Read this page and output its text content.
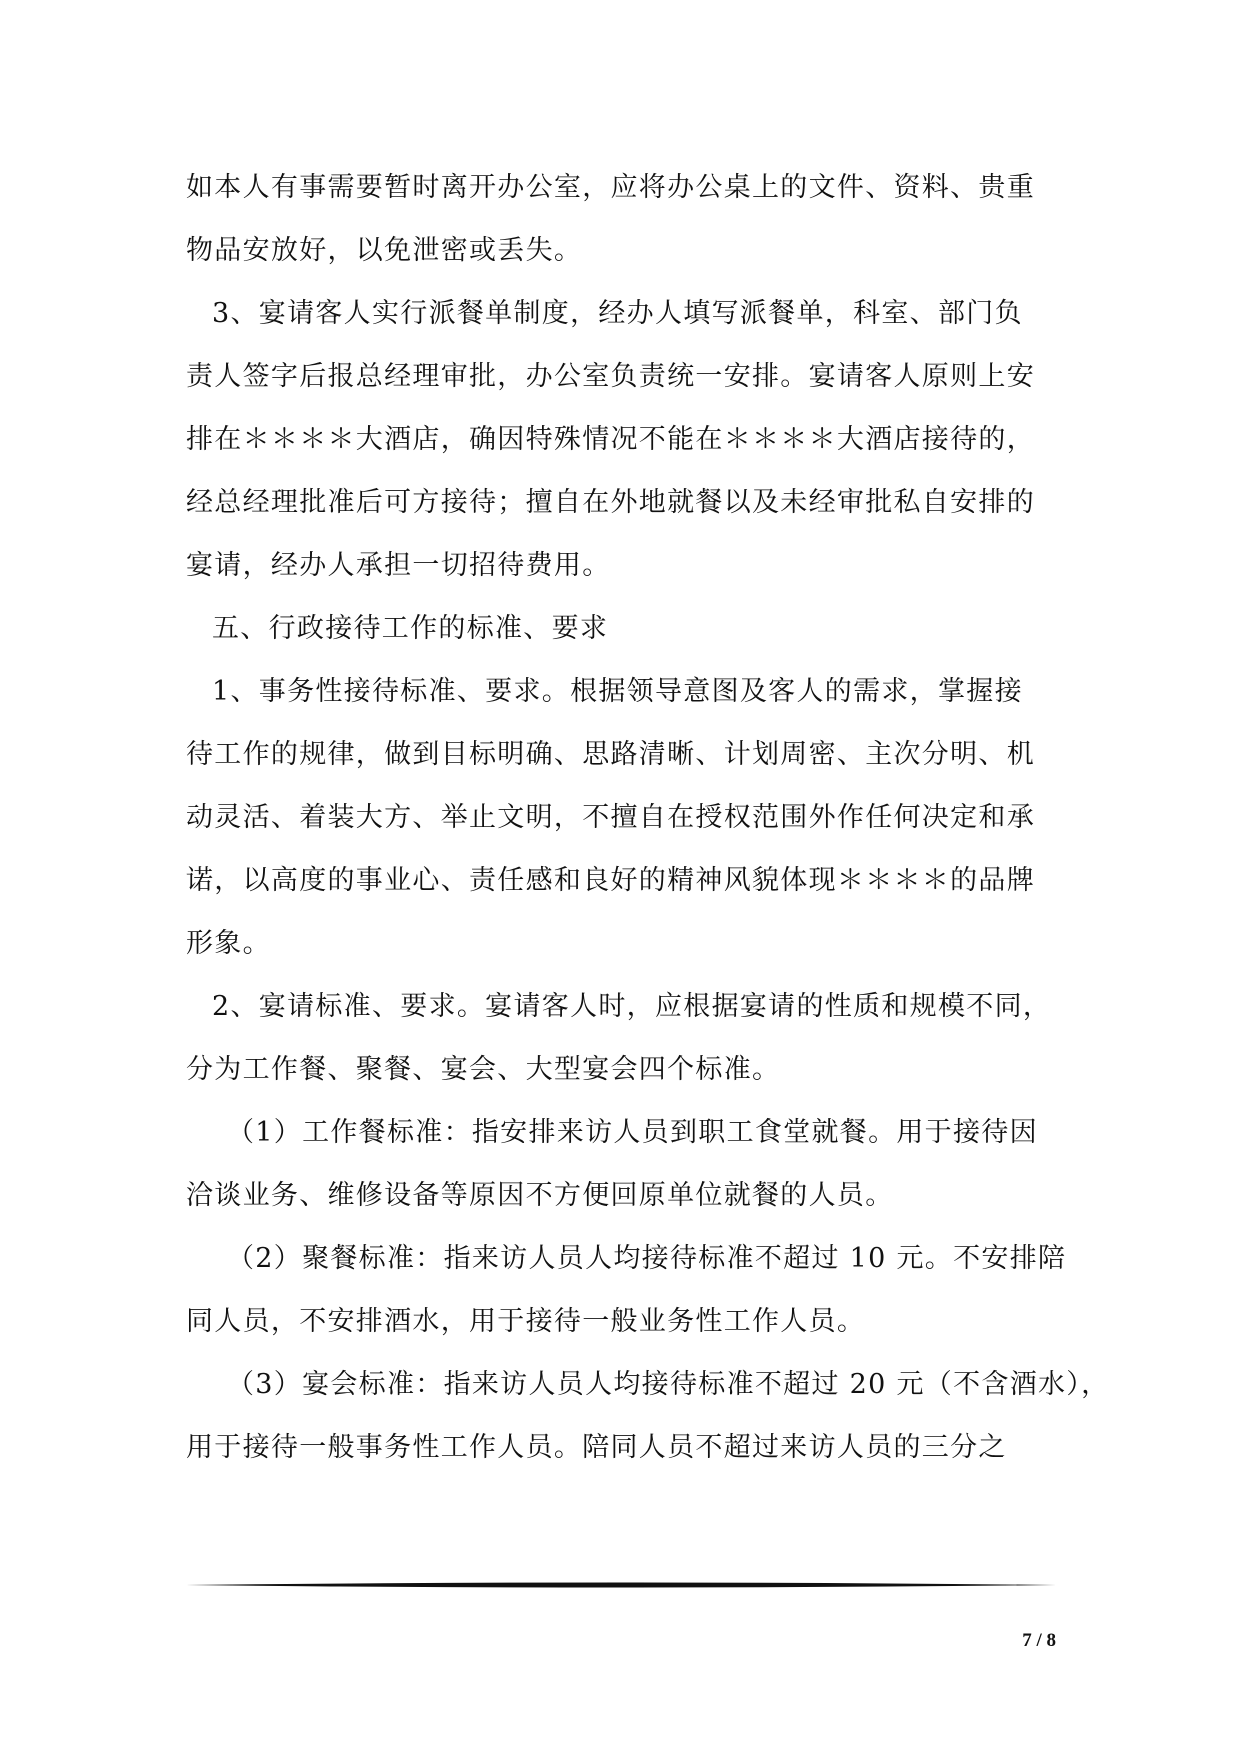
如本人有事需要暂时离开办公室，应将办公桌上的文件、资料、贵重
物品安放好，以免泄密或丢失。
3、宴请客人实行派餐单制度，经办人填写派餐单，科室、部门负
责人签字后报总经理审批，办公室负责统一安排。宴请客人原则上安
排在＊＊＊＊大酒店，确因特殊情况不能在＊＊＊＊大酒店接待的，
经总经理批准后可方接待；擅自在外地就餐以及未经审批私自安排的
宴请，经办人承担一切招待费用。
五、行政接待工作的标准、要求
1、事务性接待标准、要求。根据领导意图及客人的需求，掌握接
待工作的规律，做到目标明确、思路清晰、计划周密、主次分明、机
动灵活、着装大方、举止文明，不擅自在授权范围外作任何决定和承
诺，以高度的事业心、责任感和良好的精神风貌体现＊＊＊＊的品牌
形象。
2、宴请标准、要求。宴请客人时，应根据宴请的性质和规模不同，
分为工作餐、聚餐、宴会、大型宴会四个标准。
（1）工作餐标准：指安排来访人员到职工食堂就餐。用于接待因
洽谈业务、维修设备等原因不方便回原单位就餐的人员。
（2）聚餐标准：指来访人员人均接待标准不超过 10 元。不安排陪
同人员，不安排酒水，用于接待一般业务性工作人员。
（3）宴会标准：指来访人员人均接待标准不超过 20 元（不含酒水），
用于接待一般事务性工作人员。陪同人员不超过来访人员的三分之
7 / 8
